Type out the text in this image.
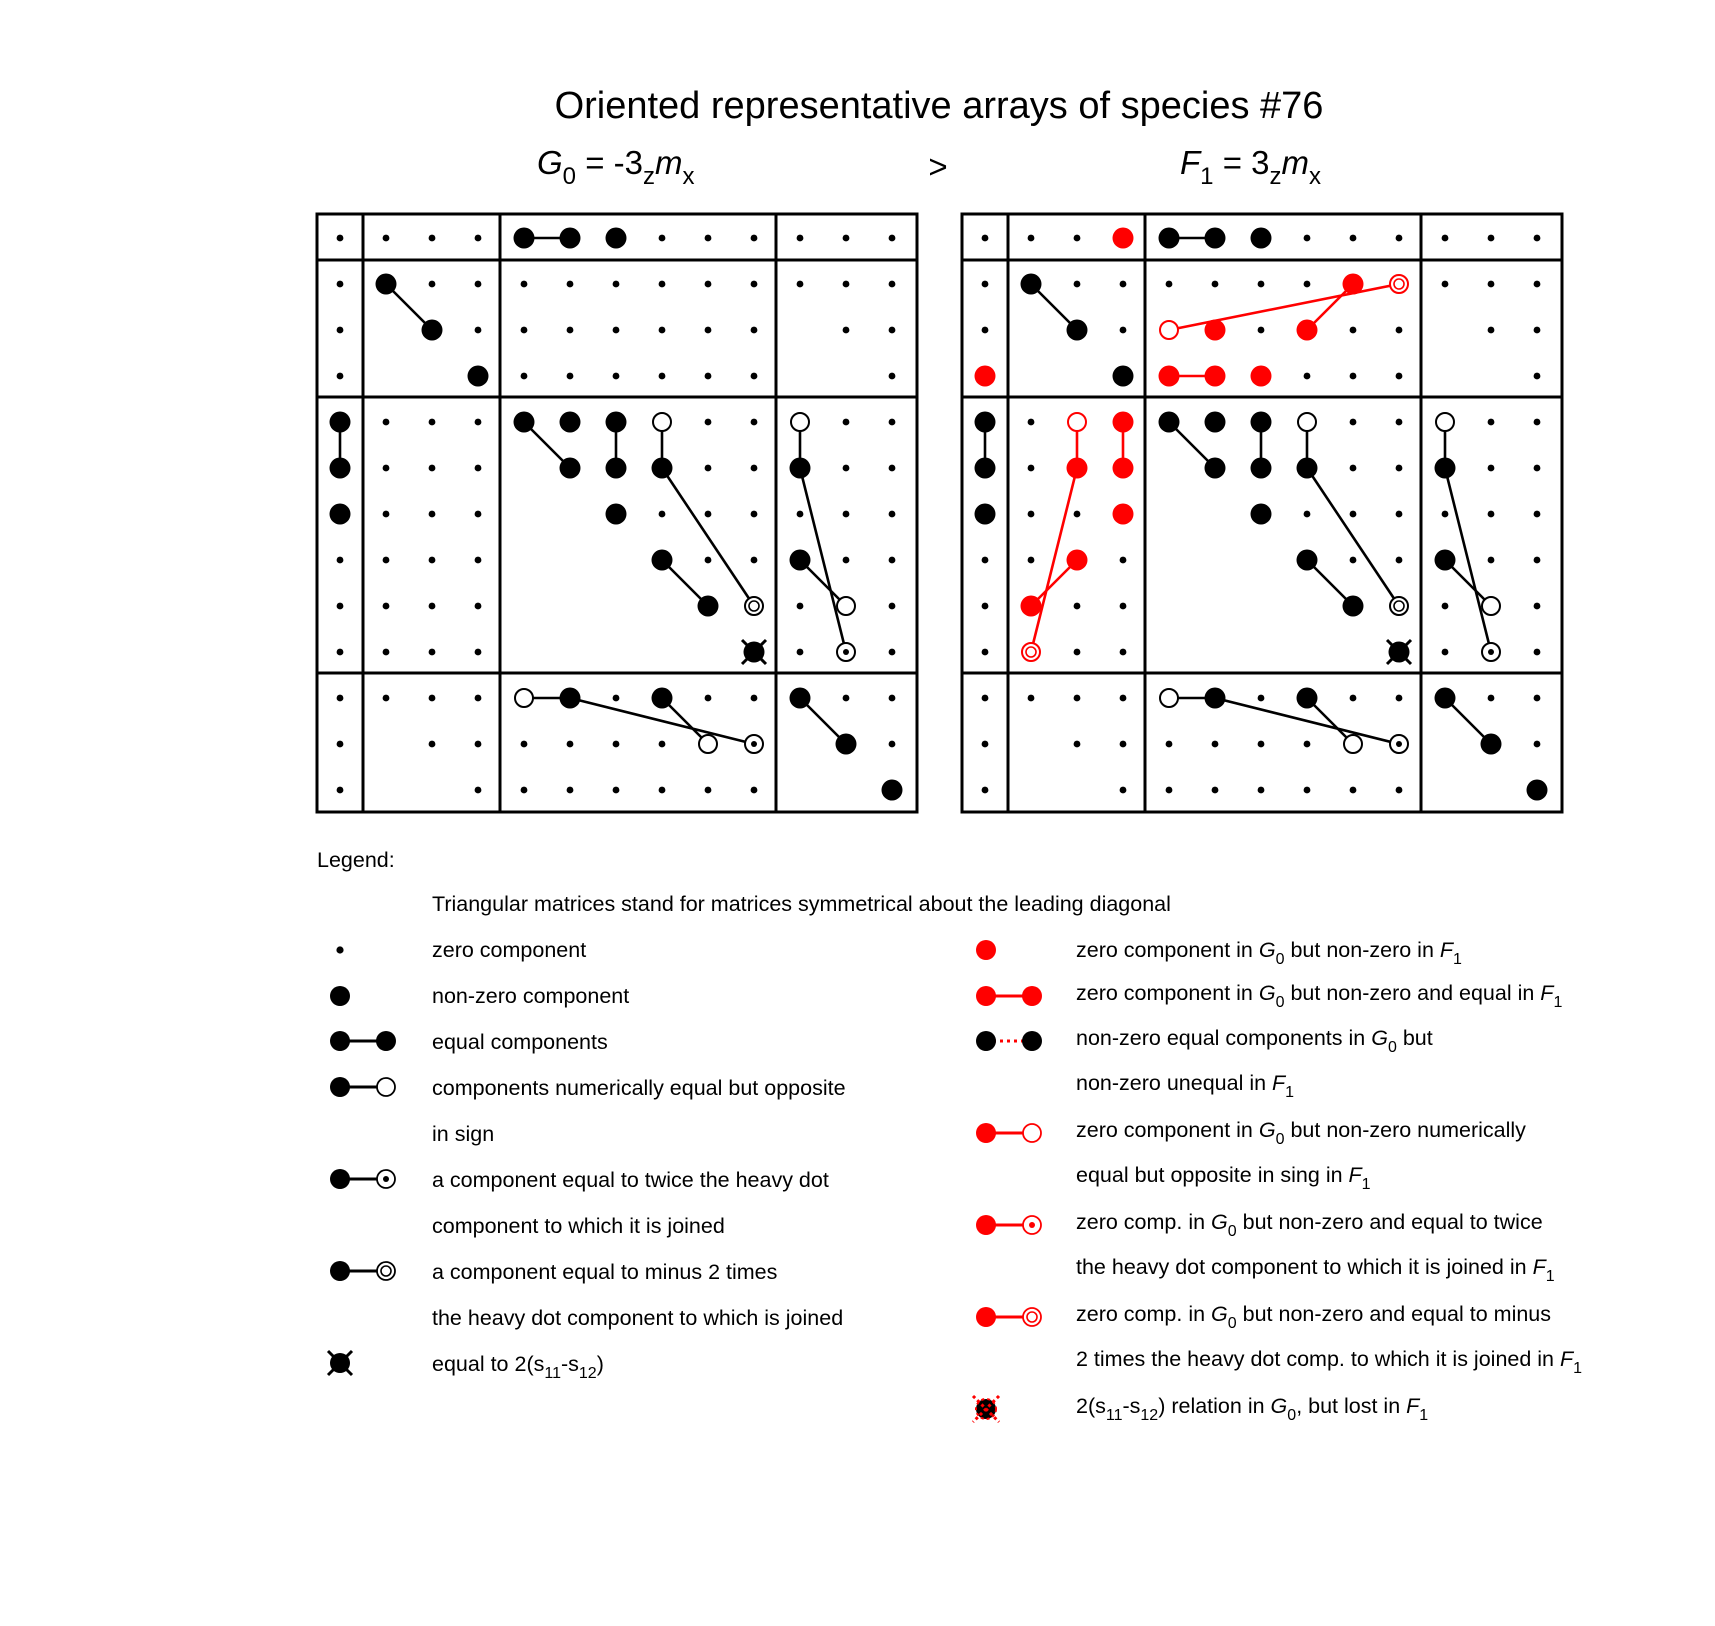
Oriented representative arrays of species #76
$G_0 = -3_zm_x$	>	$F_1 = 3_zm_x$
Legend:
Triangular matrices stand for matrices symmetrical about the leading diagonal
zero component
non-zero component
equal components
components numerically equal but opposite
in sign
a component equal to twice the heavy dot
component to which it is joined
a component equal to minus 2 times
the heavy dot component to which is joined
equal to $2(s_{11}-s_{12})$
zero component in $G_0$ but non-zero in $F_1$
zero component in $G_0$ but non-zero and equal in $F_1$
non-zero equal components in $G_0$ but
non-zero unequal in $F_1$
zero component in $G_0$ but non-zero numerically
equal but opposite in sing in $F_1$
zero comp. in $G_0$ but non-zero and equal to twice
the heavy dot component to which it is joined in $F_1$
zero comp. in $G_0$ but non-zero and equal to minus
2 times the heavy dot comp. to which it is joined in $F_1$
$2(s_{11}-s_{12})$ relation in $G_0$, but lost in $F_1$
